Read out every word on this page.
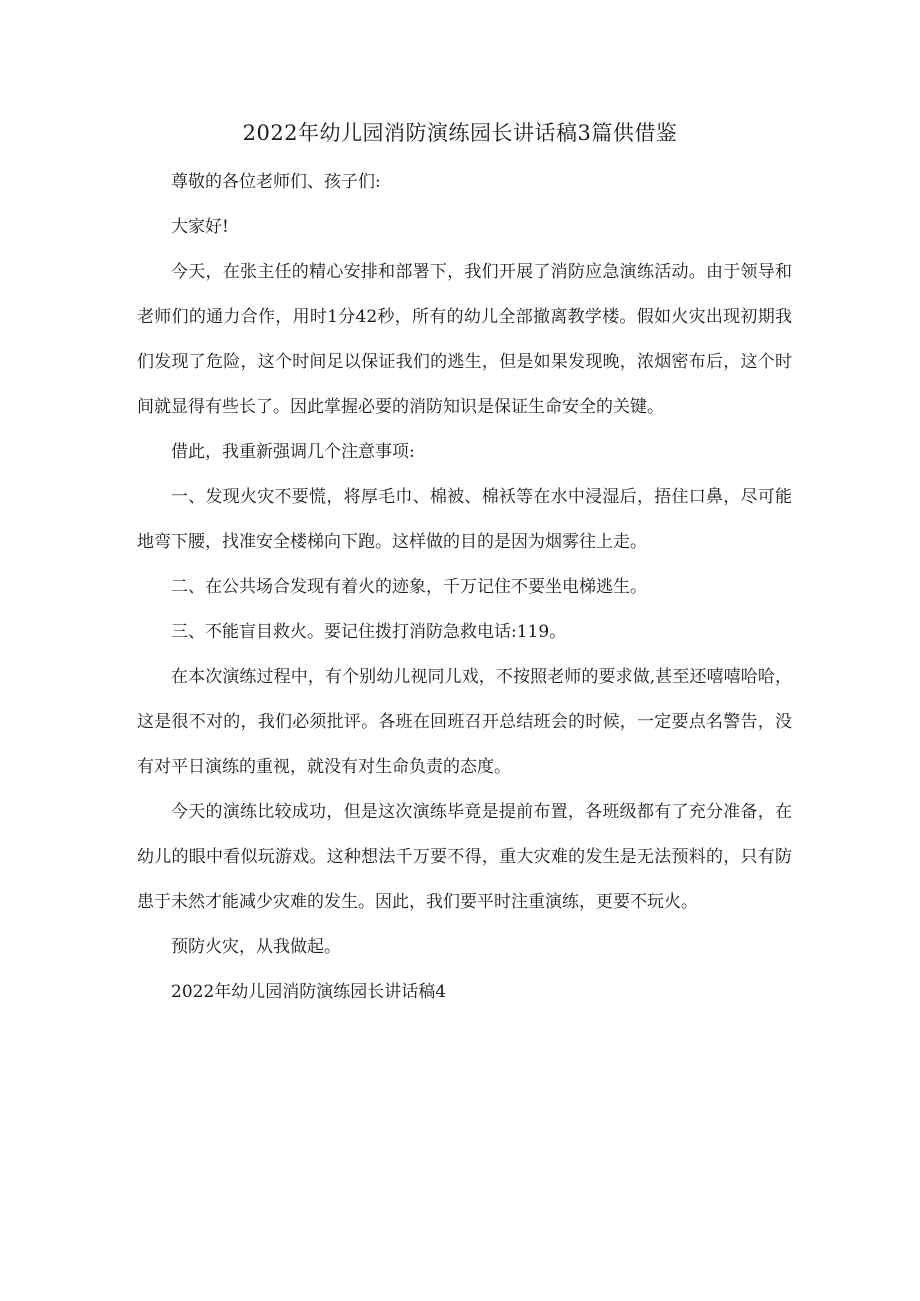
2022年幼儿园消防演练园长讲话稿3篇供借鉴

尊敬的各位老师们、孩子们:

大家好!

今天，在张主任的精心安排和部署下，我们开展了消防应急演练活动。由于领导和老师们的通力合作，用时1分42秒，所有的幼儿全部撤离教学楼。假如火灾出现初期我们发现了危险，这个时间足以保证我们的逃生，但是如果发现晚，浓烟密布后，这个时间就显得有些长了。因此掌握必要的消防知识是保证生命安全的关键。

借此，我重新强调几个注意事项:

一、发现火灾不要慌，将厚毛巾、棉被、棉袄等在水中浸湿后，捂住口鼻，尽可能地弯下腰，找准安全楼梯向下跑。这样做的目的是因为烟雾往上走。

二、在公共场合发现有着火的迹象，千万记住不要坐电梯逃生。

三、不能盲目救火。要记住拨打消防急救电话:119。

在本次演练过程中，有个别幼儿视同儿戏，不按照老师的要求做,甚至还嘻嘻哈哈，这是很不对的，我们必须批评。各班在回班召开总结班会的时候，一定要点名警告，没有对平日演练的重视，就没有对生命负责的态度。

今天的演练比较成功，但是这次演练毕竟是提前布置，各班级都有了充分准备，在幼儿的眼中看似玩游戏。这种想法千万要不得，重大灾难的发生是无法预料的，只有防患于未然才能减少灾难的发生。因此，我们要平时注重演练，更要不玩火。

预防火灾，从我做起。

2022年幼儿园消防演练园长讲话稿4
